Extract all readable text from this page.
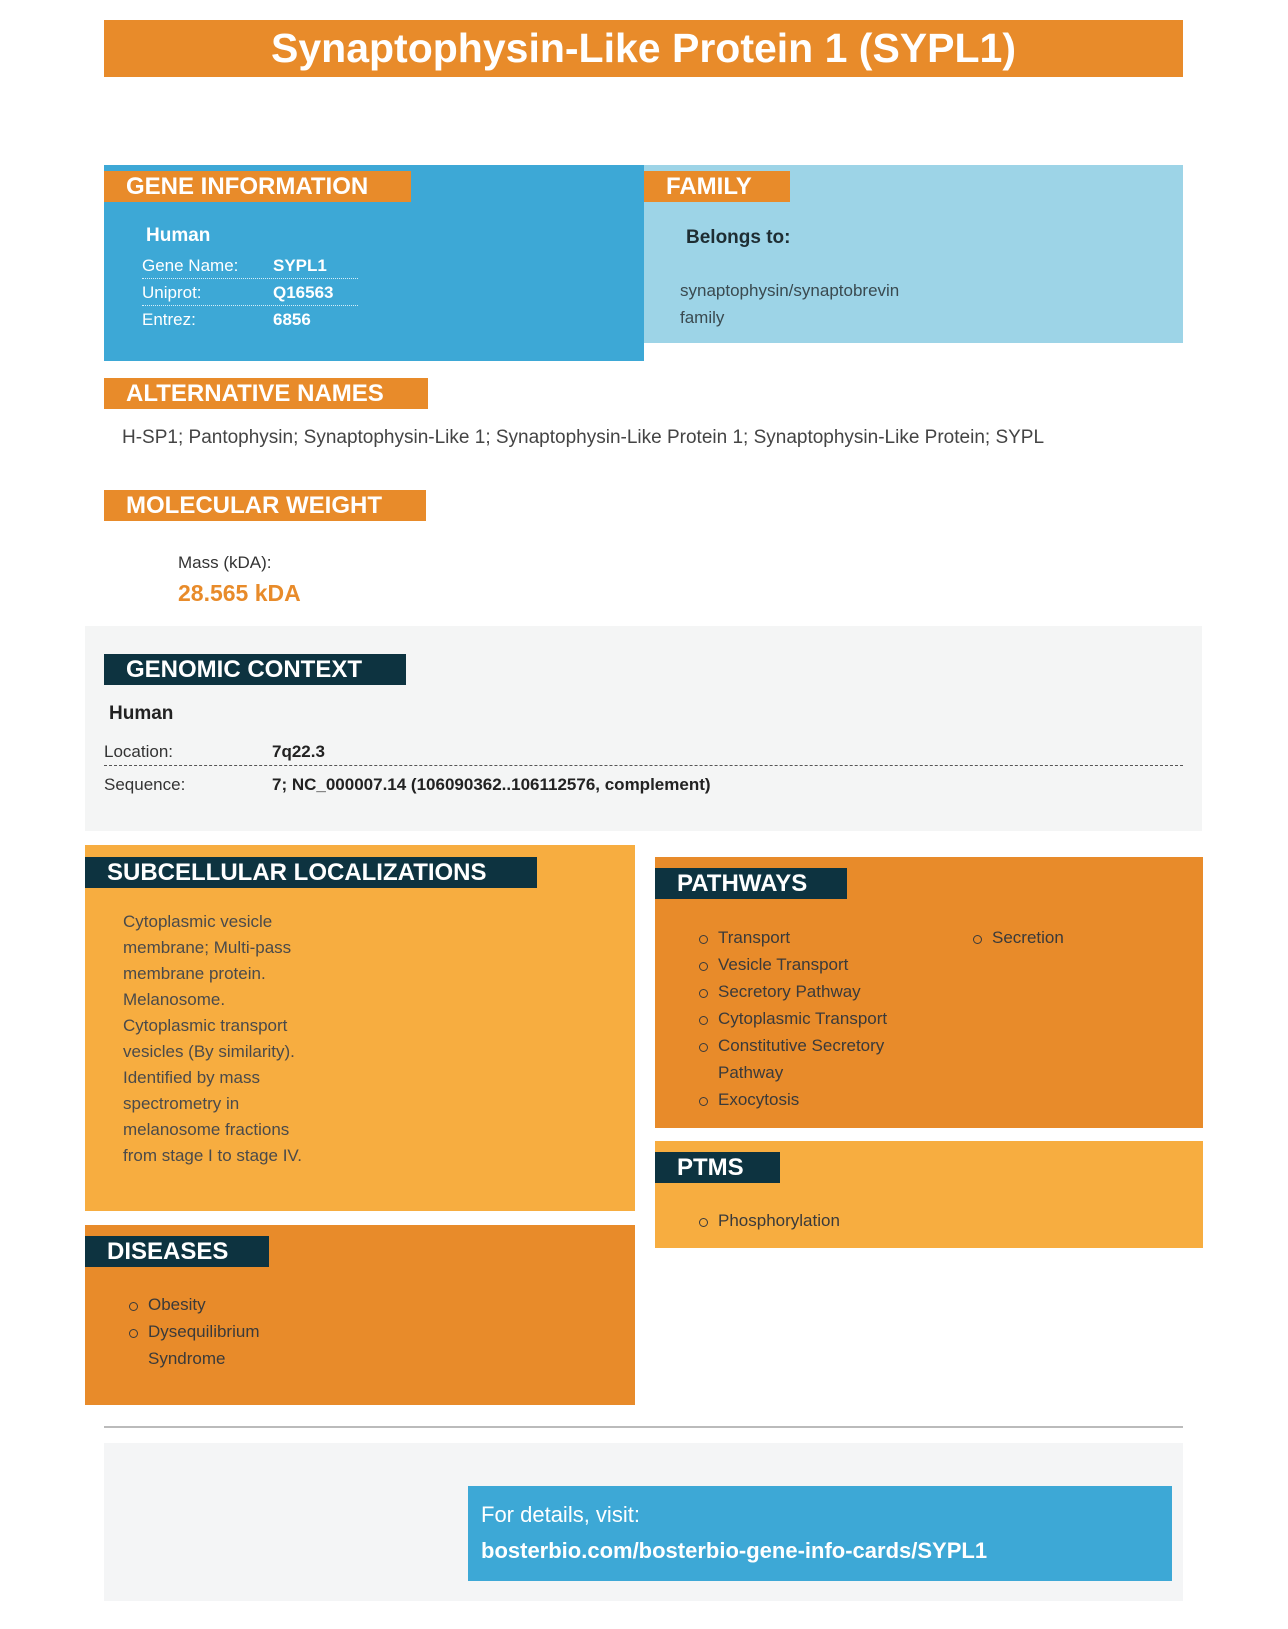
Synaptophysin-Like Protein 1 (SYPL1)
GENE INFORMATION
Human
Gene Name: SYPL1
Uniprot:	Q16563
Entrez:	6856
FAMILY
Belongs to:
synaptophysin/synaptobrevin
family
ALTERNATIVE NAMES
H-SP1; Pantophysin; Synaptophysin-Like 1; Synaptophysin-Like Protein 1; Synaptophysin-Like Protein; SYPL
MOLECULAR WEIGHT
Mass (kDA):
28.565 kDA
GENOMIC CONTEXT
Human
Location:	7q22.3
Sequence:	7; NC_000007.14 (106090362..106112576, complement)
SUBCELLULAR LOCALIZATIONS
Cytoplasmic vesicle
membrane; Multi-pass
membrane protein.
Melanosome.
Cytoplasmic transport
vesicles (By similarity).
Identified by mass
spectrometry in
melanosome fractions
from stage I to stage IV.
PATHWAYS
Transport
Vesicle Transport
Secretory Pathway
Cytoplasmic Transport
Constitutive Secretory
Pathway
Exocytosis
Secretion
PTMS
Phosphorylation
DISEASES
Obesity
Dysequilibrium
Syndrome
For details, visit:
bosterbio.com/bosterbio-gene-info-cards/SYPL1
